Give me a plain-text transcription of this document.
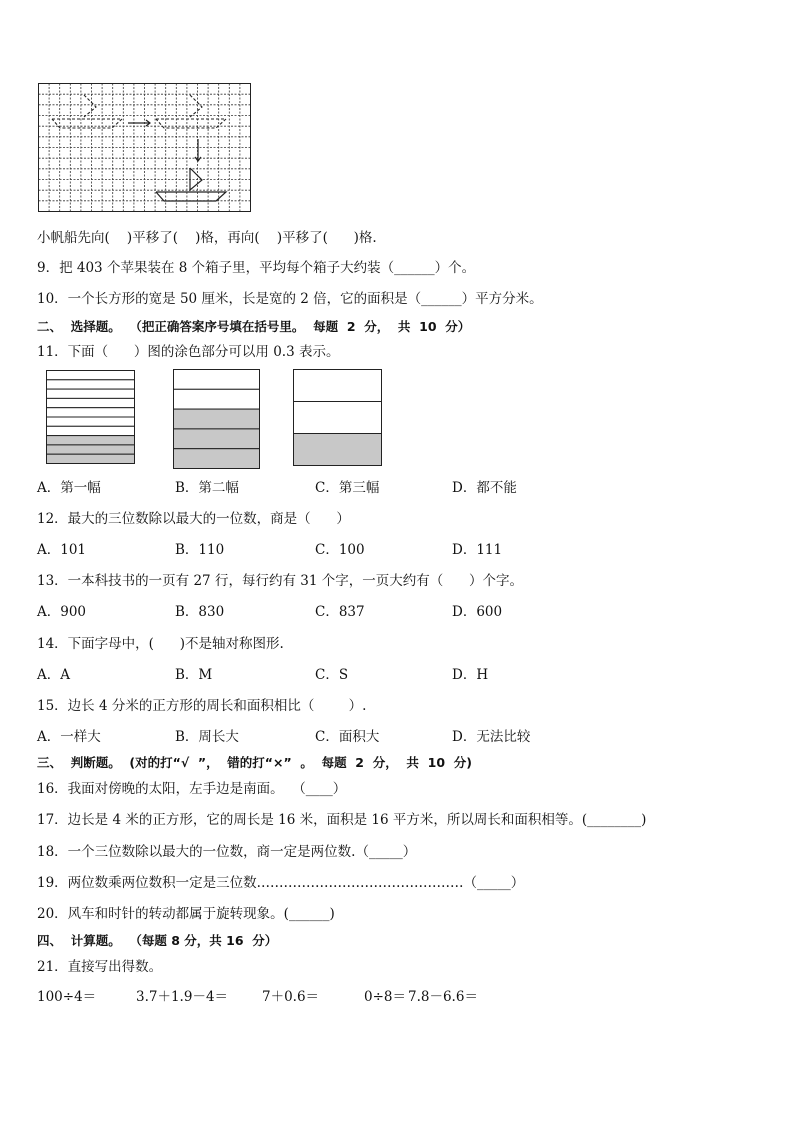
小帆船先向(    )平移了(    )格，再向(    )平移了(      )格.
9．把 403 个苹果装在 8 个箱子里，平均每个箱子大约装（______）个。
10．一个长方形的宽是 50 厘米，长是宽的 2 倍，它的面积是（______）平方分米。
二、  选择题。  （把正确答案序号填在括号里。  每题  2  分，  共  10  分）
11．下面（      ）图的涂色部分可以用 0.3 表示。
A．第一幅	B．第二幅	C．第三幅	D．都不能
12．最大的三位数除以最大的一位数，商是（      ）
A．101	B．110	C．100	D．111
13．一本科技书的一页有 27 行，每行约有 31 个字，一页大约有（      ）个字。
A．900	B．830	C．837	D．600
14．下面字母中，(      )不是轴对称图形.
A．A	B．M	C．S	D．H
15．边长 4 分米的正方形的周长和面积相比（        ）.
A．一样大	B．周长大	C．面积大	D．无法比较
三、  判断题。  (对的打“√  ”，  错的打“×”  。  每题  2  分，  共  10  分)
16．我面对傍晚的太阳，左手边是南面。  （____）
17．边长是 4 米的正方形，它的周长是 16 米，面积是 16 平方米，所以周长和面积相等。(________)
18．一个三位数除以最大的一位数，商一定是两位数.（_____）
19．两位数乘两位数积一定是三位数.………………………………………（_____）
20．风车和时针的转动都属于旋转现象。(______)
四、  计算题。  （每题 8 分，共 16  分）
21．直接写出得数。
100÷4＝	3.7＋1.9－4＝	7＋0.6＝	0÷8＝ 7.8－6.6＝
